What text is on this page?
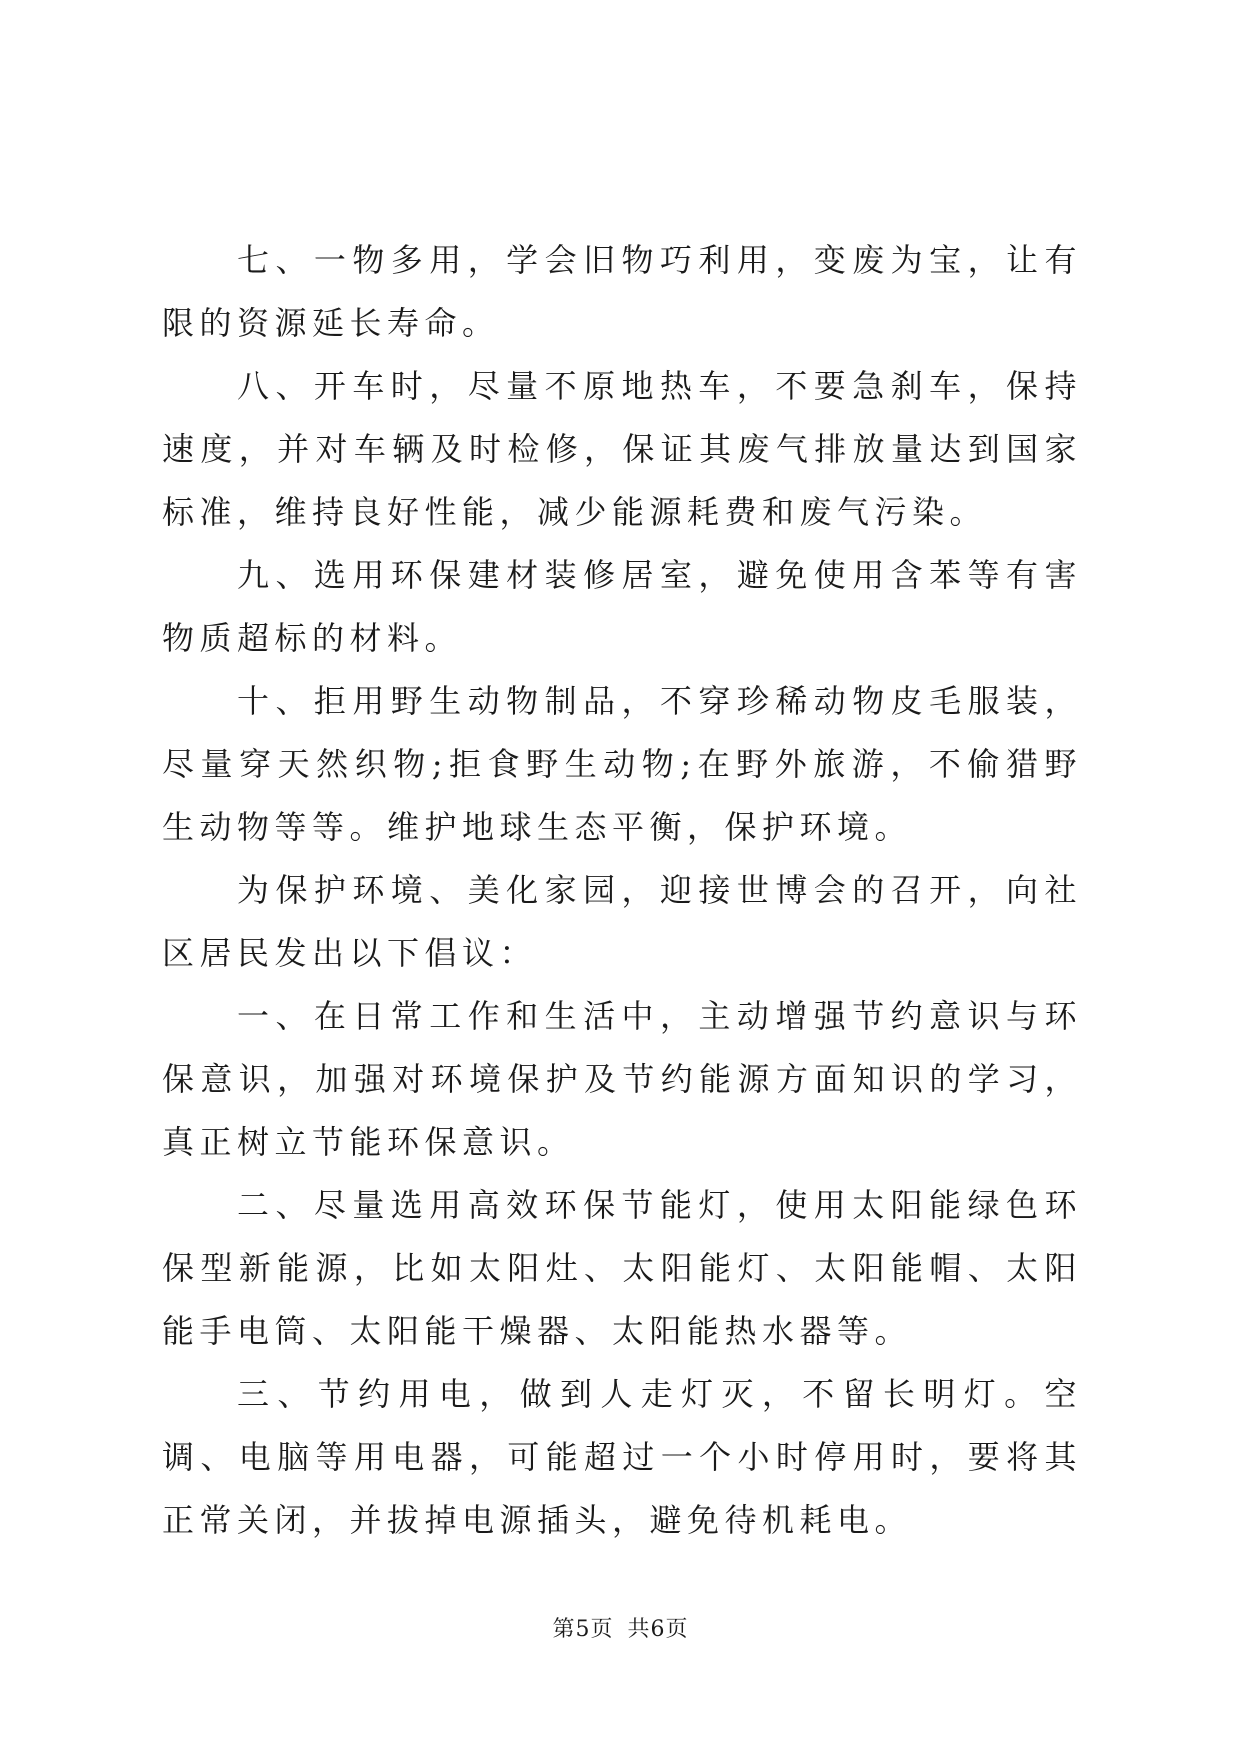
七、一物多用，学会旧物巧利用，变废为宝，让有限的资源延长寿命。

八、开车时，尽量不原地热车，不要急刹车，保持速度，并对车辆及时检修，保证其废气排放量达到国家标准，维持良好性能，减少能源耗费和废气污染。

九、选用环保建材装修居室，避免使用含苯等有害物质超标的材料。

十、拒用野生动物制品，不穿珍稀动物皮毛服装，尽量穿天然织物;拒食野生动物;在野外旅游，不偷猎野生动物等等。维护地球生态平衡，保护环境。

为保护环境、美化家园，迎接世博会的召开，向社区居民发出以下倡议：

一、在日常工作和生活中，主动增强节约意识与环保意识，加强对环境保护及节约能源方面知识的学习，真正树立节能环保意识。

二、尽量选用高效环保节能灯，使用太阳能绿色环保型新能源，比如太阳灶、太阳能灯、太阳能帽、太阳能手电筒、太阳能干燥器、太阳能热水器等。

三、节约用电，做到人走灯灭，不留长明灯。空调、电脑等用电器，可能超过一个小时停用时，要将其正常关闭，并拔掉电源插头，避免待机耗电。

第5页 共6页
